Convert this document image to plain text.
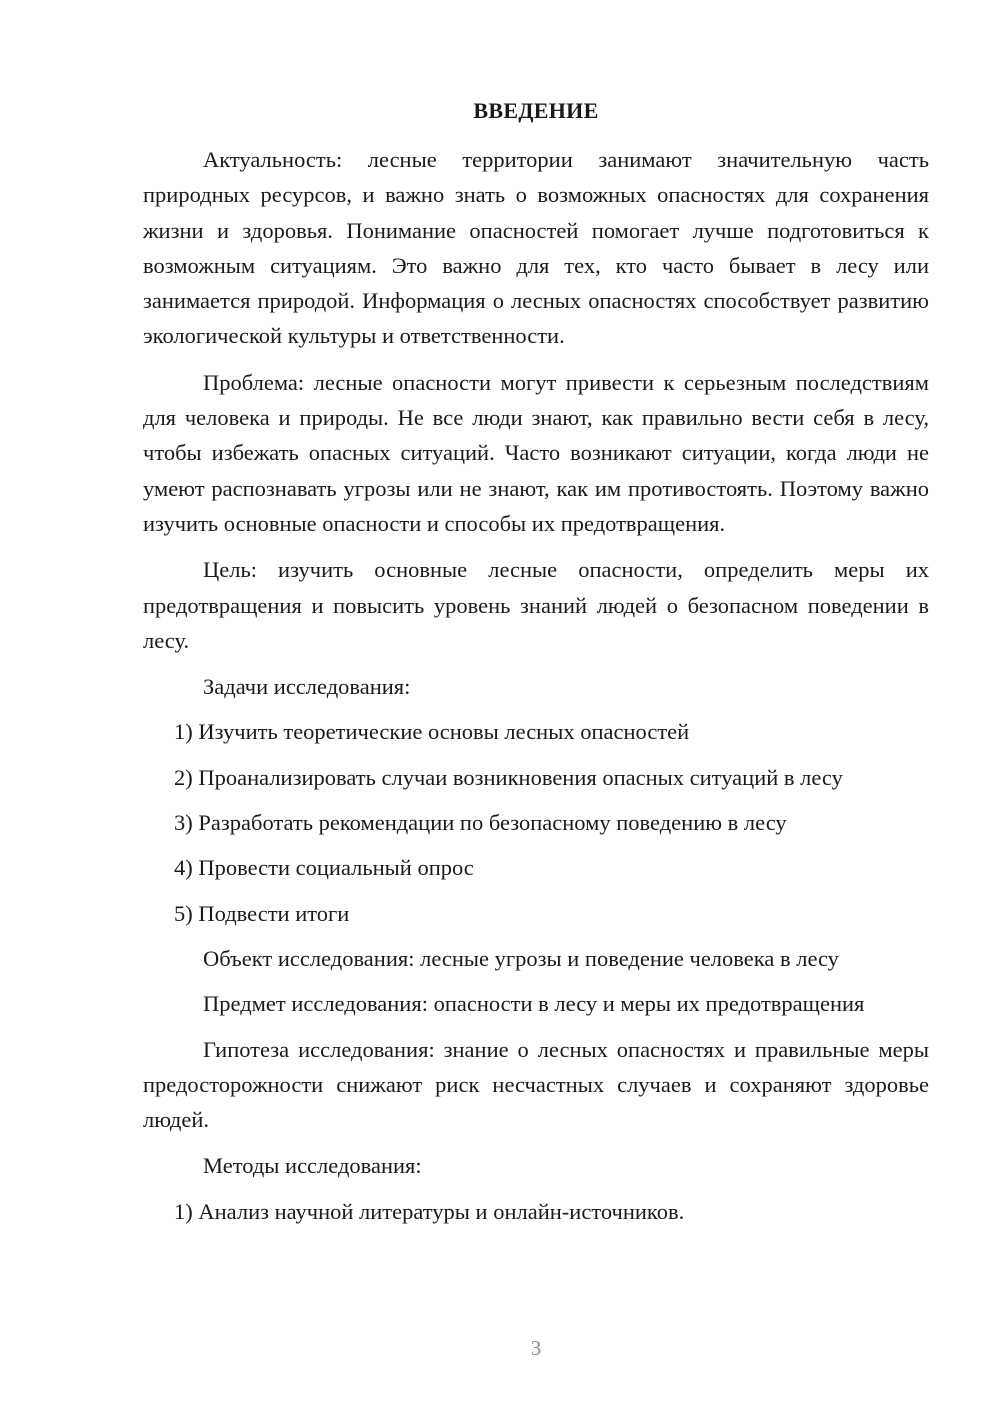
ВВЕДЕНИЕ

Актуальность: лесные территории занимают значительную часть природных ресурсов, и важно знать о возможных опасностях для сохранения жизни и здоровья. Понимание опасностей помогает лучше подготовиться к возможным ситуациям. Это важно для тех, кто часто бывает в лесу или занимается природой. Информация о лесных опасностях способствует развитию экологической культуры и ответственности.

Проблема: лесные опасности могут привести к серьезным последствиям для человека и природы. Не все люди знают, как правильно вести себя в лесу, чтобы избежать опасных ситуаций. Часто возникают ситуации, когда люди не умеют распознавать угрозы или не знают, как им противостоять. Поэтому важно изучить основные опасности и способы их предотвращения.

Цель: изучить основные лесные опасности, определить меры их предотвращения и повысить уровень знаний людей о безопасном поведении в лесу.

Задачи исследования:
1) Изучить теоретические основы лесных опасностей
2) Проанализировать случаи возникновения опасных ситуаций в лесу
3) Разработать рекомендации по безопасному поведению в лесу
4) Провести социальный опрос
5) Подвести итоги
Объект исследования: лесные угрозы и поведение человека в лесу
Предмет исследования: опасности в лесу и меры их предотвращения

Гипотеза исследования: знание о лесных опасностях и правильные меры предосторожности снижают риск несчастных случаев и сохраняют здоровье людей.

Методы исследования:
1) Анализ научной литературы и онлайн-источников.
3
